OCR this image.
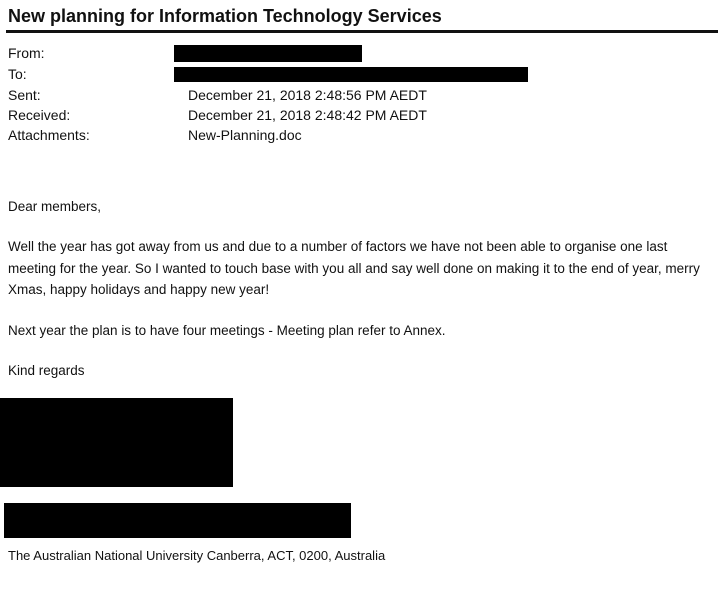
New planning for Information Technology Services
From:
To:
Sent:	December 21, 2018 2:48:56 PM AEDT
Received:	December 21, 2018 2:48:42 PM AEDT
Attachments:	New-Planning.doc
Dear members,
Well the year has got away from us and due to a number of factors we have not been able to organise one last
meeting for the year. So I wanted to touch base with you all and say well done on making it to the end of year, merry
Xmas, happy holidays and happy new year!
Next year the plan is to have four meetings - Meeting plan refer to Annex.
Kind regards
The Australian National University Canberra, ACT, 0200, Australia
